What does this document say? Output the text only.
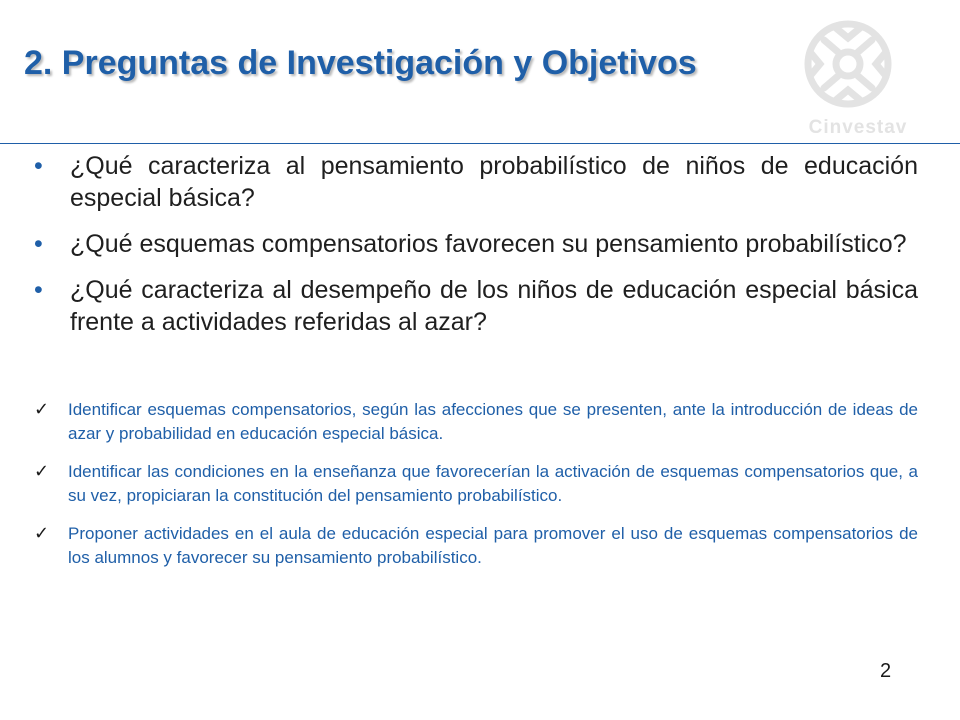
2. Preguntas de Investigación y Objetivos
Cinvestav
• ¿Qué caracteriza al pensamiento probabilístico de niños de educación especial básica?
• ¿Qué esquemas compensatorios favorecen su pensamiento probabilístico?
• ¿Qué caracteriza al desempeño de los niños de educación especial básica frente a actividades referidas al azar?
✓ Identificar esquemas compensatorios, según las afecciones que se presenten, ante la introducción de ideas de azar y probabilidad en educación especial básica.
✓ Identificar las condiciones en la enseñanza que favorecerían la activación de esquemas compensatorios que, a su vez, propiciaran la constitución del pensamiento probabilístico.
✓ Proponer actividades en el aula de educación especial para promover el uso de esquemas compensatorios de los alumnos y favorecer su pensamiento probabilístico.
2
